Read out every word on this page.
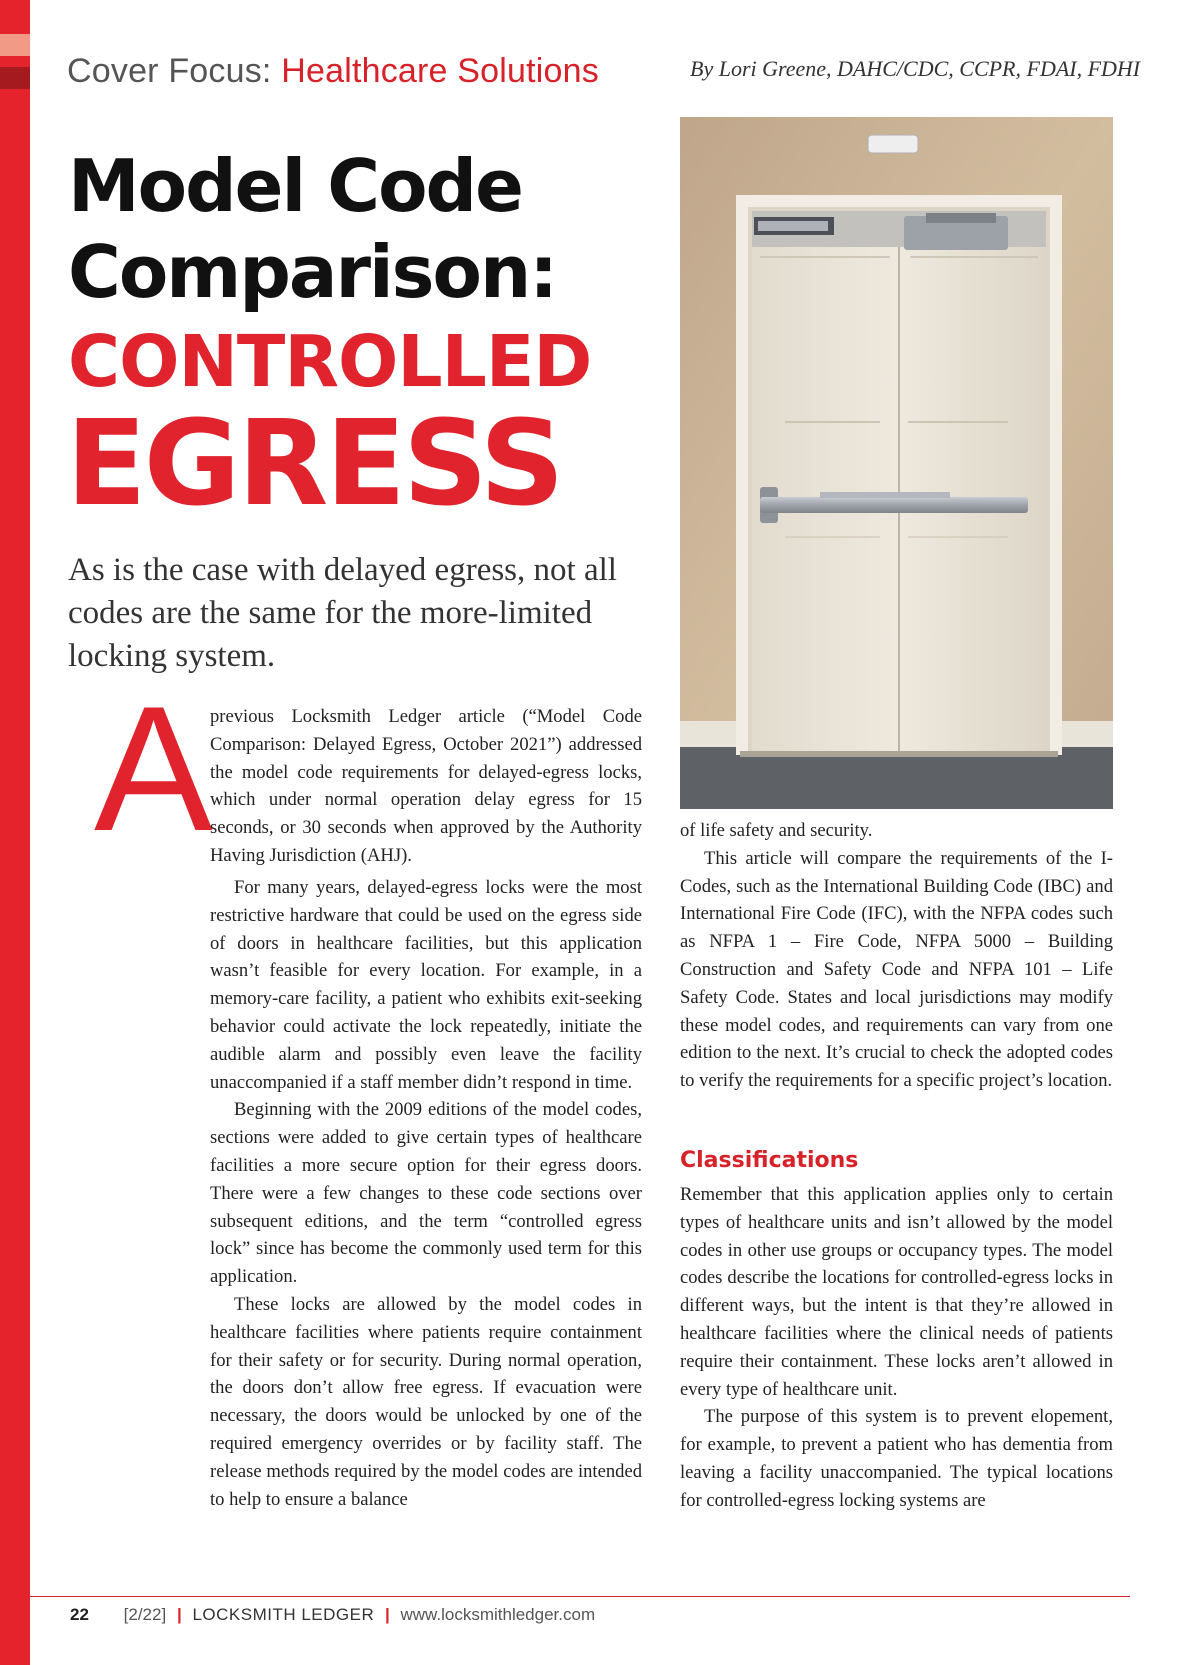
Cover Focus: Healthcare Solutions	By Lori Greene, DAHC/CDC, CCPR, FDAI, FDHI
Model Code
Comparison:
CONTROLLED
EGRESS

As is the case with delayed egress, not all codes are the same for the more-limited locking system.

A

previous Locksmith Ledger article (“Model Code Comparison: Delayed Egress, October 2021”) addressed the model code requirements for delayed-egress locks, which under normal operation delay egress for 15 seconds, or 30 seconds when approved by the Authority Having Jurisdiction (AHJ).

For many years, delayed-egress locks were the most restrictive hardware that could be used on the egress side of doors in healthcare facilities, but this application wasn’t feasible for every location. For example, in a memory-care facility, a patient who exhibits exit-seeking behavior could activate the lock repeatedly, initiate the audible alarm and possibly even leave the facility unaccompanied if a staff member didn’t respond in time.

Beginning with the 2009 editions of the model codes, sections were added to give certain types of healthcare facilities a more secure option for their egress doors. There were a few changes to these code sections over subsequent editions, and the term “controlled egress lock” since has become the commonly used term for this application.

These locks are allowed by the model codes in healthcare facilities where patients require containment for their safety or for security. During normal operation, the doors don’t allow free egress. If evacuation were necessary, the doors would be unlocked by one of the required emergency overrides or by facility staff. The release methods required by the model codes are intended to help to ensure a balance

of life safety and security.

This article will compare the requirements of the I-Codes, such as the International Building Code (IBC) and International Fire Code (IFC), with the NFPA codes such as NFPA 1 – Fire Code, NFPA 5000 – Building Construction and Safety Code and NFPA 101 – Life Safety Code. States and local jurisdictions may modify these model codes, and requirements can vary from one edition to the next. It’s crucial to check the adopted codes to verify the requirements for a specific project’s location.

Classifications

Remember that this application applies only to certain types of healthcare units and isn’t allowed by the model codes in other use groups or occupancy types. The model codes describe the locations for controlled-egress locks in different ways, but the intent is that they’re allowed in healthcare facilities where the clinical needs of patients require their containment. These locks aren’t allowed in every type of healthcare unit.

The purpose of this system is to prevent elopement, for example, to prevent a patient who has dementia from leaving a facility unaccompanied. The typical locations for controlled-egress locking systems are

22 [2/22] | LOCKSMITH LEDGER | www.locksmithledger.com
